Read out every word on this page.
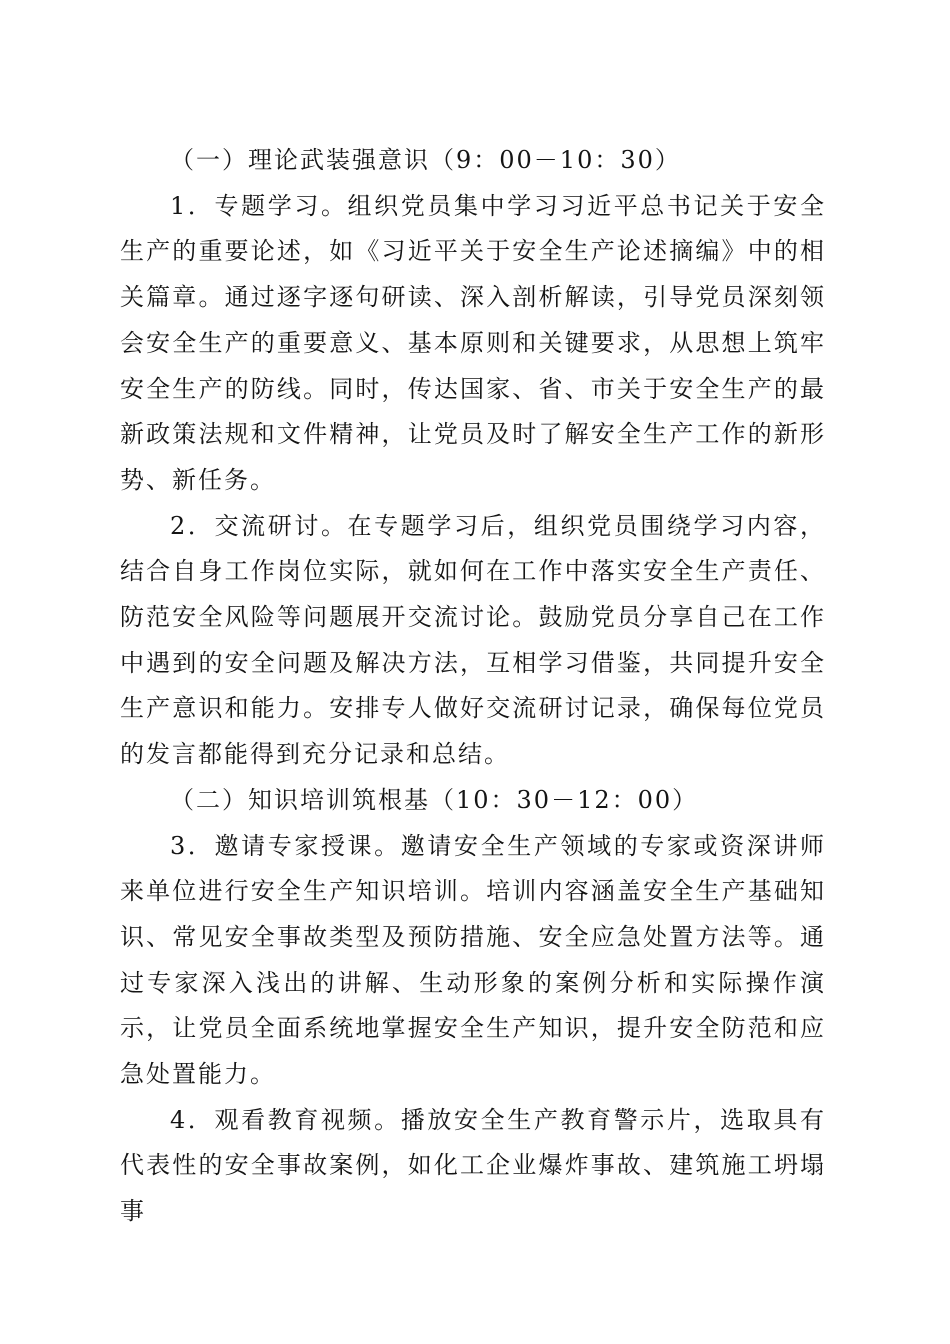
（一）理论武装强意识（9：00－10：30）

1．专题学习。组织党员集中学习习近平总书记关于安全生产的重要论述，如《习近平关于安全生产论述摘编》中的相关篇章。通过逐字逐句研读、深入剖析解读，引导党员深刻领会安全生产的重要意义、基本原则和关键要求，从思想上筑牢安全生产的防线。同时，传达国家、省、市关于安全生产的最新政策法规和文件精神，让党员及时了解安全生产工作的新形势、新任务。

2．交流研讨。在专题学习后，组织党员围绕学习内容，结合自身工作岗位实际，就如何在工作中落实安全生产责任、防范安全风险等问题展开交流讨论。鼓励党员分享自己在工作中遇到的安全问题及解决方法，互相学习借鉴，共同提升安全生产意识和能力。安排专人做好交流研讨记录，确保每位党员的发言都能得到充分记录和总结。

（二）知识培训筑根基（10：30－12：00）

3．邀请专家授课。邀请安全生产领域的专家或资深讲师来单位进行安全生产知识培训。培训内容涵盖安全生产基础知识、常见安全事故类型及预防措施、安全应急处置方法等。通过专家深入浅出的讲解、生动形象的案例分析和实际操作演示，让党员全面系统地掌握安全生产知识，提升安全防范和应急处置能力。

4．观看教育视频。播放安全生产教育警示片，选取具有代表性的安全事故案例，如化工企业爆炸事故、建筑施工坍塌事
